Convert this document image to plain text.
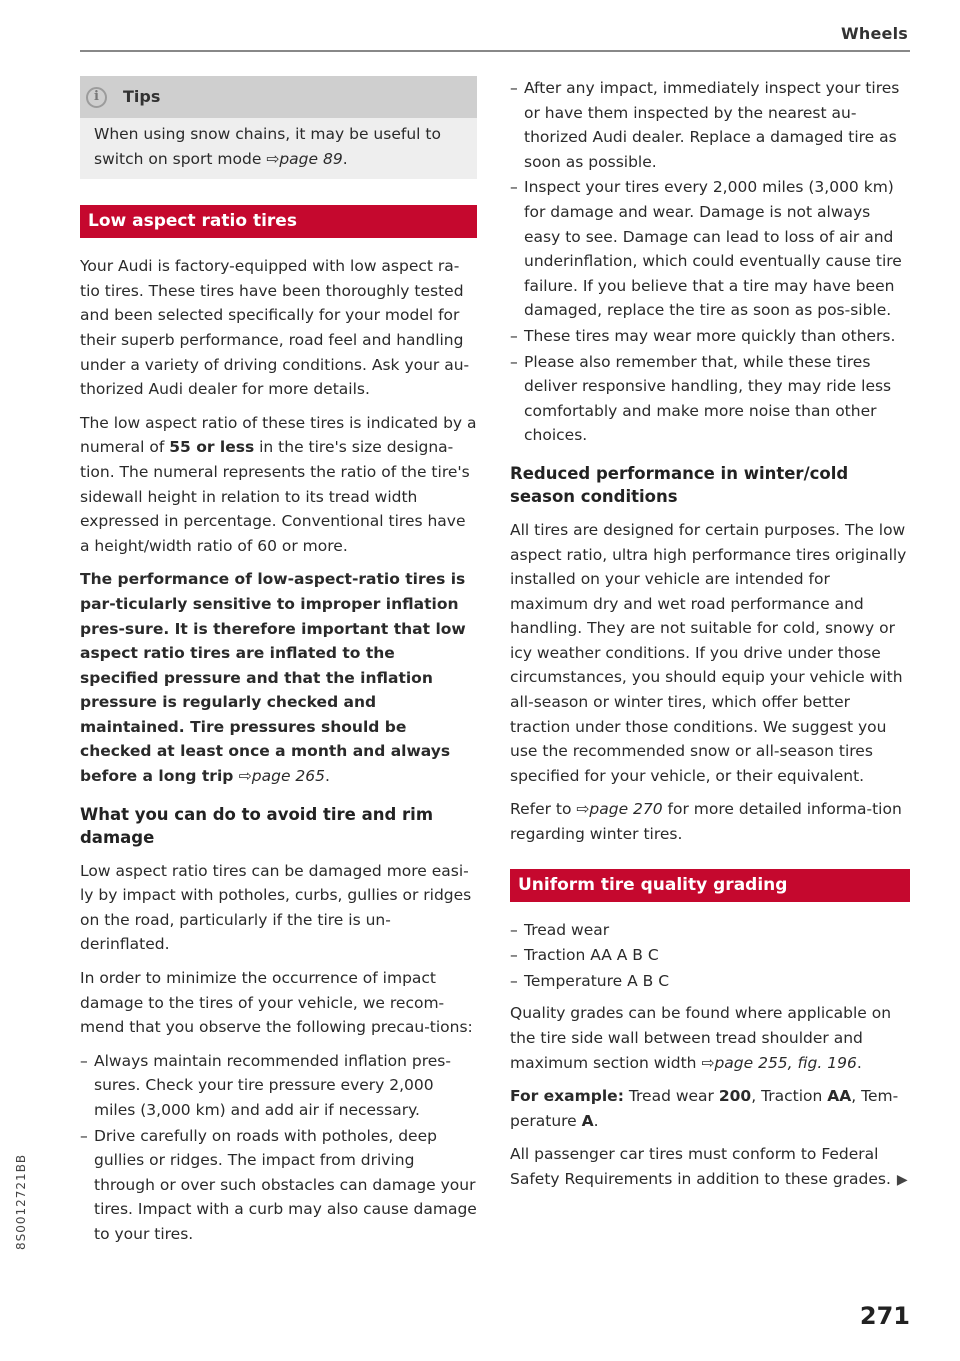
Wheels
8S0012721BB
i	Tips
When using snow chains, it may be useful to switch on sport mode ⇨page 89.
Low aspect ratio tires

Your Audi is factory-equipped with low aspect ra-tio tires. These tires have been thoroughly tested and been selected specifically for your model for their superb performance, road feel and handling under a variety of driving conditions. Ask your au-thorized Audi dealer for more details.

The low aspect ratio of these tires is indicated by a numeral of 55 or less in the tire's size designa-tion. The numeral represents the ratio of the tire's sidewall height in relation to its tread width expressed in percentage. Conventional tires have a height/width ratio of 60 or more.

The performance of low-aspect-ratio tires is par-ticularly sensitive to improper inflation pres-sure. It is therefore important that low aspect ratio tires are inflated to the specified pressure and that the inflation pressure is regularly checked and maintained. Tire pressures should be checked at least once a month and always before a long trip ⇨page 265.

What you can do to avoid tire and rim damage

Low aspect ratio tires can be damaged more easi-ly by impact with potholes, curbs, gullies or ridges on the road, particularly if the tire is un-derinflated.

In order to minimize the occurrence of impact damage to the tires of your vehicle, we recom-mend that you observe the following precau-tions:

– Always maintain recommended inflation pres-sures. Check your tire pressure every 2,000 miles (3,000 km) and add air if necessary.
– Drive carefully on roads with potholes, deep gullies or ridges. The impact from driving through or over such obstacles can damage your tires. Impact with a curb may also cause damage to your tires.
– After any impact, immediately inspect your tires or have them inspected by the nearest au-thorized Audi dealer. Replace a damaged tire as soon as possible.
– Inspect your tires every 2,000 miles (3,000 km) for damage and wear. Damage is not always easy to see. Damage can lead to loss of air and underinflation, which could eventually cause tire failure. If you believe that a tire may have been damaged, replace the tire as soon as pos-sible.
– These tires may wear more quickly than others.
– Please also remember that, while these tires deliver responsive handling, they may ride less comfortably and make more noise than other choices.
Reduced performance in winter/cold season conditions

All tires are designed for certain purposes. The low aspect ratio, ultra high performance tires originally installed on your vehicle are intended for maximum dry and wet road performance and handling. They are not suitable for cold, snowy or icy weather conditions. If you drive under those circumstances, you should equip your vehicle with all-season or winter tires, which offer better traction under those conditions. We suggest you use the recommended snow or all-season tires specified for your vehicle, or their equivalent.

Refer to ⇨page 270 for more detailed informa-tion regarding winter tires.

Uniform tire quality grading
– Tread wear
– Traction AA A B C
– Temperature A B C

Quality grades can be found where applicable on the tire side wall between tread shoulder and maximum section width ⇨page 255, fig. 196.

For example: Tread wear 200, Traction AA, Tem-perature A.

All passenger car tires must conform to Federal Safety Requirements in addition to these grades. ▶

271
